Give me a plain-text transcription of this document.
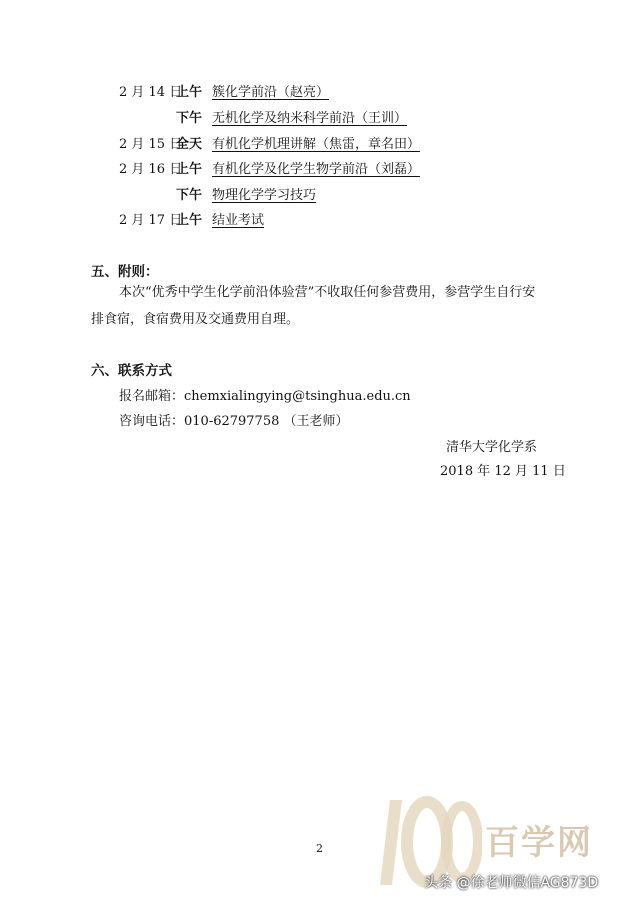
2 月 14 日
上午 簇化学前沿（赵亮）
下午 无机化学及纳米科学前沿（王训）
2 月 15 日
全天 有机化学机理讲解（焦雷，章名田）
2 月 16 日
上午 有机化学及化学生物学前沿（刘磊）
下午 物理化学学习技巧
2 月 17 日
上午 结业考试
五、附则：
本次“优秀中学生化学前沿体验营”不收取任何参营费用，参营学生自行安
排食宿，食宿费用及交通费用自理。
六、联系方式
报名邮箱：chemxialingying@tsinghua.edu.cn
咨询电话：010-62797758 （王老师）
清华大学化学系
2018 年 12 月 11 日
2	百学网
头条 @徐老师微信AG873D
